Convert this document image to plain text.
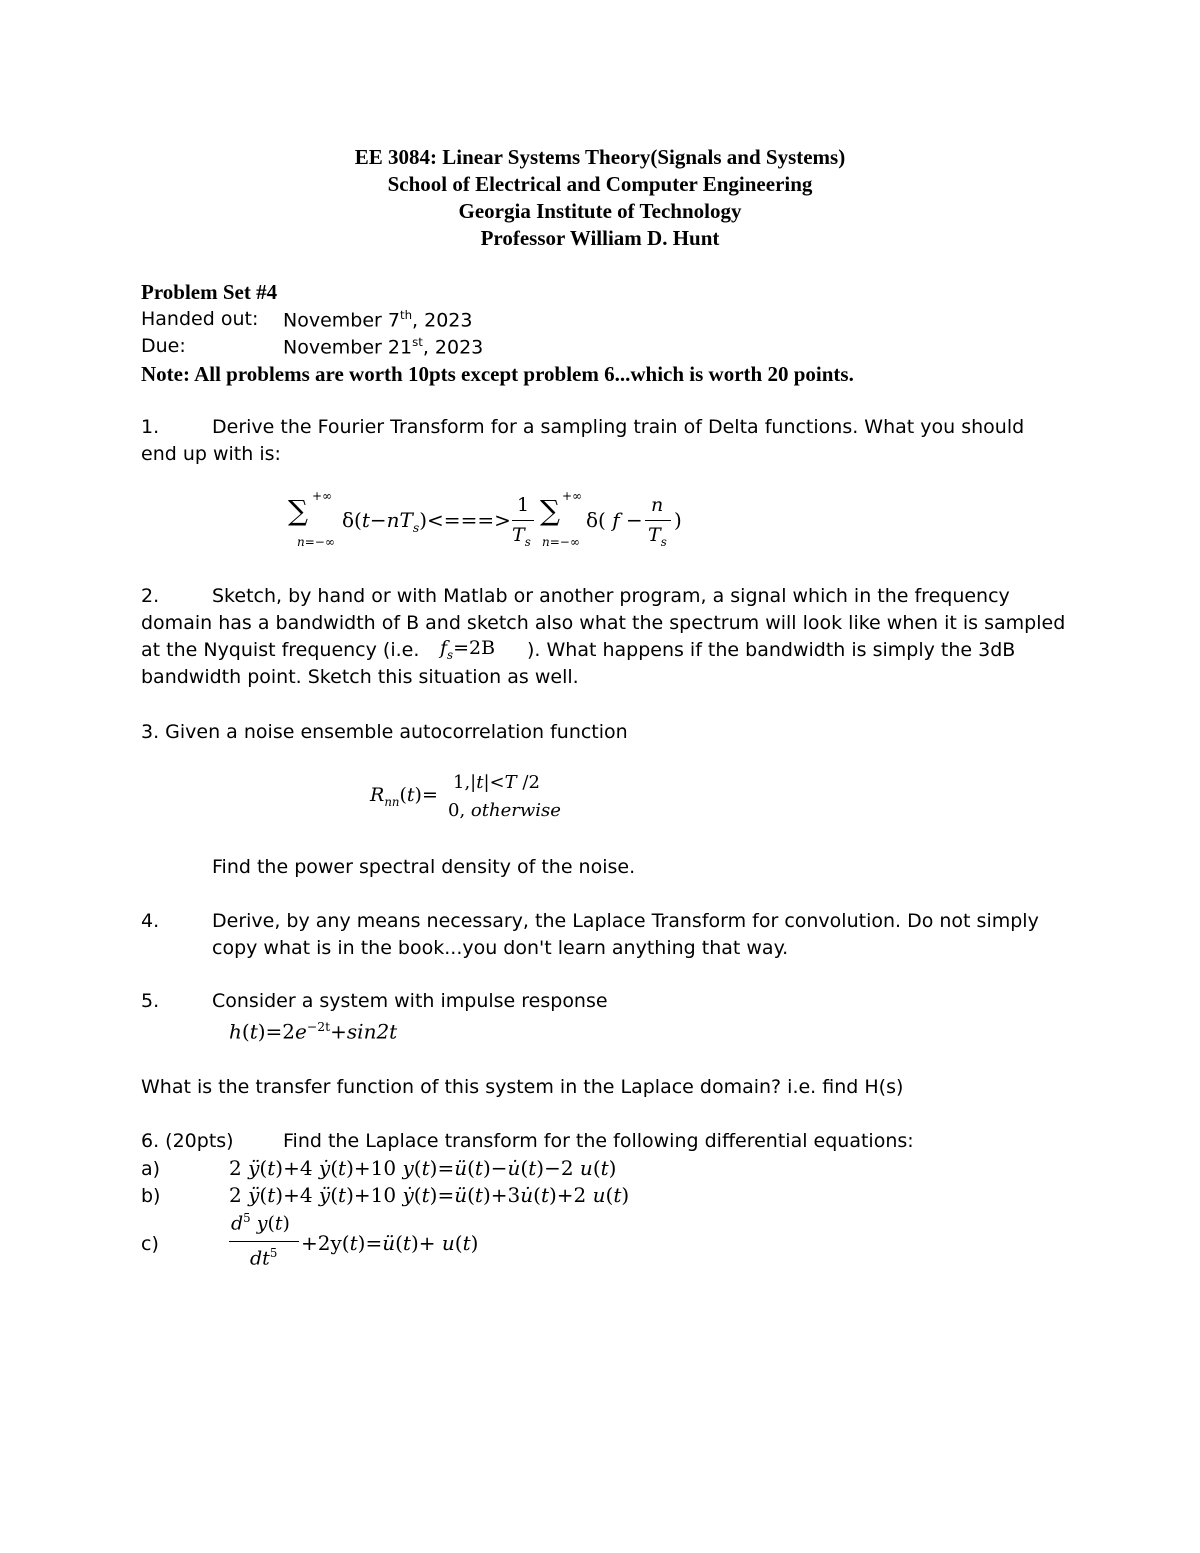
EE 3084: Linear Systems Theory(Signals and Systems)
School of Electrical and Computer Engineering
Georgia Institute of Technology
Professor William D. Hunt
Problem Set #4
Handed out: November 7th, 2023
Due:	November 21st, 2023
Note: All problems are worth 10pts except problem 6...which is worth 20 points.
1.	Derive the Fourier Transform for a sampling train of Delta functions. What you should
end up with is:
∑ +∞
n=−∞
$\delta(t-nT_s)<===>$
1
$T_s$
∑ +∞
n=−∞
δ( f −
n
$T_s$
)
2.	Sketch, by hand or with Matlab or another program, a signal which in the frequency
domain has a bandwidth of B and sketch also what the spectrum will look like when it is sampled
at the Nyquist frequency (i.e. $f_s=2B$ ). What happens if the bandwidth is simply the 3dB
bandwidth point. Sketch this situation as well.
3. Given a noise ensemble autocorrelation function
$R_{nn}(t)=$
1,|t|<T /2
0, otherwise
Find the power spectral density of the noise.
4.	Derive, by any means necessary, the Laplace Transform for convolution. Do not simply
copy what is in the book...you don't learn anything that way.
5.	Consider a system with impulse response
$h(t)=2e^{-2t}+\sin 2t$
What is the transfer function of this system in the Laplace domain? i.e. find H(s)
6. (20pts)	Find the Laplace transform for the following differential equations:
a)	2 ÿ(t)+4 ẏ(t)+10 y(t)=ü(t)−u̇(t)−2 u(t)
b)	2 ÿ(t)+4 ÿ(t)+10 ẏ(t)=ü(t)+3u̇(t)+2 u(t)
c)
$d^5$ y(t)
$dt^5$ +2y(t)=ü(t)+ u(t)
